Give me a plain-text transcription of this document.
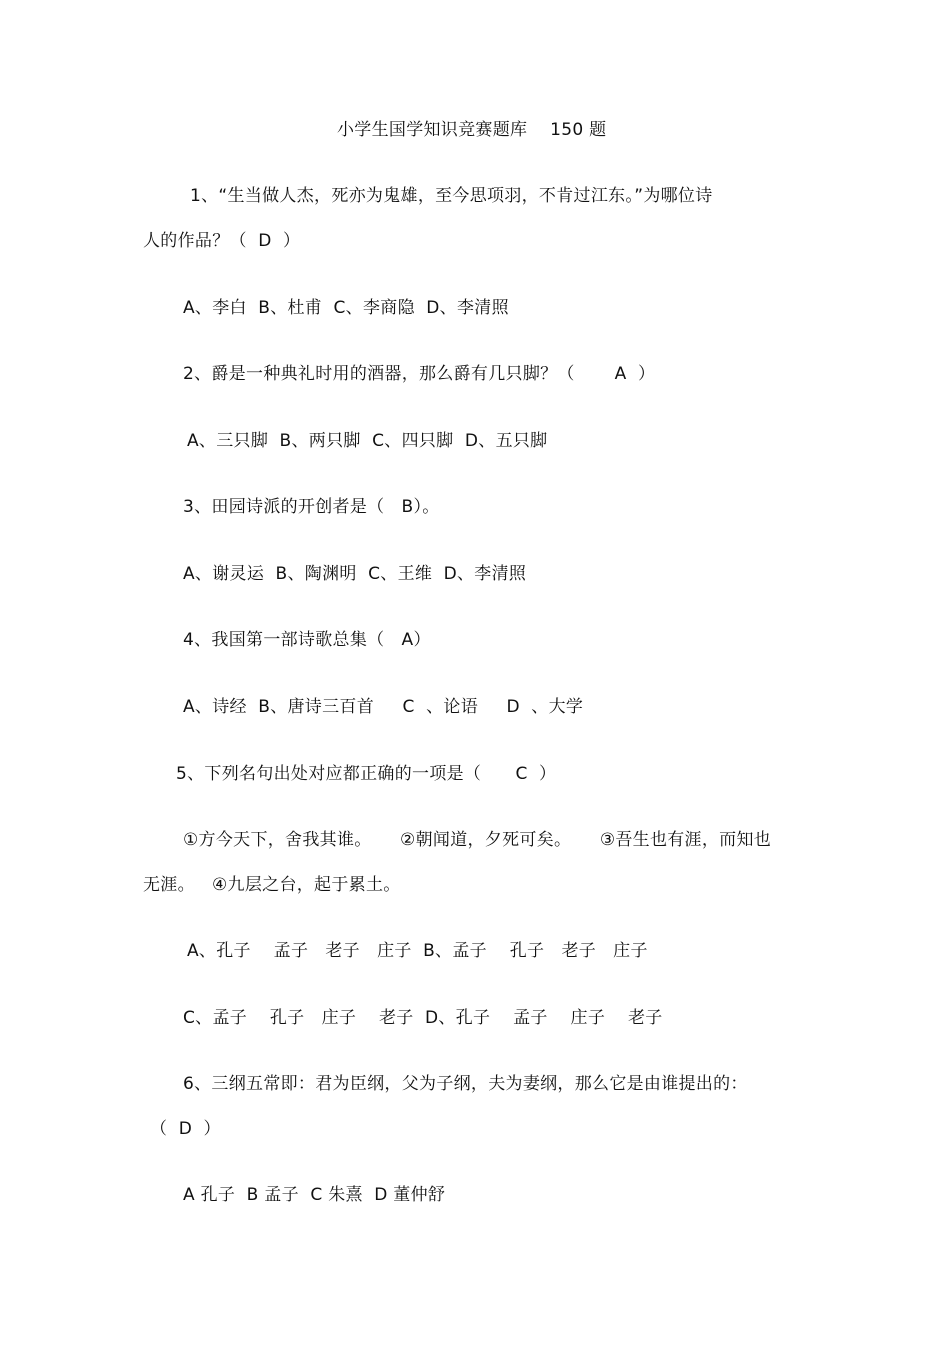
小学生国学知识竞赛题库    150 题
1、“生当做人杰，死亦为鬼雄，至今思项羽，不肯过江东。”为哪位诗
人的作品？（  D  ）
A、李白  B、杜甫  C、李商隐  D、李清照
2、爵是一种典礼时用的酒器，那么爵有几只脚？（       A  ）
A、三只脚  B、两只脚  C、四只脚  D、五只脚
3、田园诗派的开创者是（   B）。
A、谢灵运  B、陶渊明  C、王维  D、李清照
4、我国第一部诗歌总集（   A）
A、诗经  B、唐诗三百首     C  、论语     D  、大学
5、下列名句出处对应都正确的一项是（      C  ）
①方今天下，舍我其谁。     ②朝闻道，夕死可矣。     ③吾生也有涯，而知也
无涯。   ④九层之台，起于累土。
A、孔子    孟子   老子   庄子  B、孟子    孔子   老子   庄子
C、孟子    孔子   庄子    老子  D、孔子    孟子    庄子    老子
6、三纲五常即：君为臣纲，父为子纲，夫为妻纲，那么它是由谁提出的：
（  D  ）
A 孔子  B 孟子  C 朱熹  D 董仲舒
